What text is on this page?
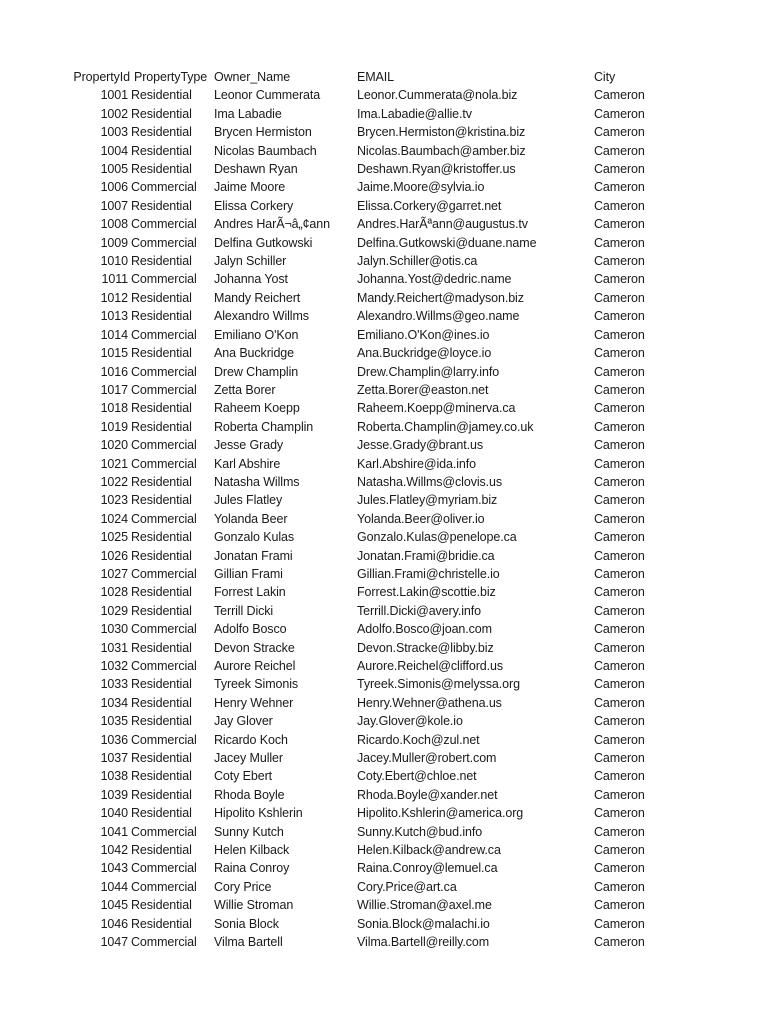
PropertyId	PropertyType	Owner_Name	EMAIL	City
1001	Residential	Leonor Cummerata	Leonor.Cummerata@nola.biz	Cameron
1002	Residential	Ima Labadie	Ima.Labadie@allie.tv	Cameron
1003	Residential	Brycen Hermiston	Brycen.Hermiston@kristina.biz	Cameron
1004	Residential	Nicolas Baumbach	Nicolas.Baumbach@amber.biz	Cameron
1005	Residential	Deshawn Ryan	Deshawn.Ryan@kristoffer.us	Cameron
1006	Commercial	Jaime Moore	Jaime.Moore@sylvia.io	Cameron
1007	Residential	Elissa Corkery	Elissa.Corkery@garret.net	Cameron
1008	Commercial	Andres HarÃ¬â„¢ann	Andres.HarÃªann@augustus.tv	Cameron
1009	Commercial	Delfina Gutkowski	Delfina.Gutkowski@duane.name	Cameron
1010	Residential	Jalyn Schiller	Jalyn.Schiller@otis.ca	Cameron
1011	Commercial	Johanna Yost	Johanna.Yost@dedric.name	Cameron
1012	Residential	Mandy Reichert	Mandy.Reichert@madyson.biz	Cameron
1013	Residential	Alexandro Willms	Alexandro.Willms@geo.name	Cameron
1014	Commercial	Emiliano O'Kon	Emiliano.O'Kon@ines.io	Cameron
1015	Residential	Ana Buckridge	Ana.Buckridge@loyce.io	Cameron
1016	Commercial	Drew Champlin	Drew.Champlin@larry.info	Cameron
1017	Commercial	Zetta Borer	Zetta.Borer@easton.net	Cameron
1018	Residential	Raheem Koepp	Raheem.Koepp@minerva.ca	Cameron
1019	Residential	Roberta Champlin	Roberta.Champlin@jamey.co.uk	Cameron
1020	Commercial	Jesse Grady	Jesse.Grady@brant.us	Cameron
1021	Commercial	Karl Abshire	Karl.Abshire@ida.info	Cameron
1022	Residential	Natasha Willms	Natasha.Willms@clovis.us	Cameron
1023	Residential	Jules Flatley	Jules.Flatley@myriam.biz	Cameron
1024	Commercial	Yolanda Beer	Yolanda.Beer@oliver.io	Cameron
1025	Residential	Gonzalo Kulas	Gonzalo.Kulas@penelope.ca	Cameron
1026	Residential	Jonatan Frami	Jonatan.Frami@bridie.ca	Cameron
1027	Commercial	Gillian Frami	Gillian.Frami@christelle.io	Cameron
1028	Residential	Forrest Lakin	Forrest.Lakin@scottie.biz	Cameron
1029	Residential	Terrill Dicki	Terrill.Dicki@avery.info	Cameron
1030	Commercial	Adolfo Bosco	Adolfo.Bosco@joan.com	Cameron
1031	Residential	Devon Stracke	Devon.Stracke@libby.biz	Cameron
1032	Commercial	Aurore Reichel	Aurore.Reichel@clifford.us	Cameron
1033	Residential	Tyreek Simonis	Tyreek.Simonis@melyssa.org	Cameron
1034	Residential	Henry Wehner	Henry.Wehner@athena.us	Cameron
1035	Residential	Jay Glover	Jay.Glover@kole.io	Cameron
1036	Commercial	Ricardo Koch	Ricardo.Koch@zul.net	Cameron
1037	Residential	Jacey Muller	Jacey.Muller@robert.com	Cameron
1038	Residential	Coty Ebert	Coty.Ebert@chloe.net	Cameron
1039	Residential	Rhoda Boyle	Rhoda.Boyle@xander.net	Cameron
1040	Residential	Hipolito Kshlerin	Hipolito.Kshlerin@america.org	Cameron
1041	Commercial	Sunny Kutch	Sunny.Kutch@bud.info	Cameron
1042	Residential	Helen Kilback	Helen.Kilback@andrew.ca	Cameron
1043	Commercial	Raina Conroy	Raina.Conroy@lemuel.ca	Cameron
1044	Commercial	Cory Price	Cory.Price@art.ca	Cameron
1045	Residential	Willie Stroman	Willie.Stroman@axel.me	Cameron
1046	Residential	Sonia Block	Sonia.Block@malachi.io	Cameron
1047	Commercial	Vilma Bartell	Vilma.Bartell@reilly.com	Cameron
